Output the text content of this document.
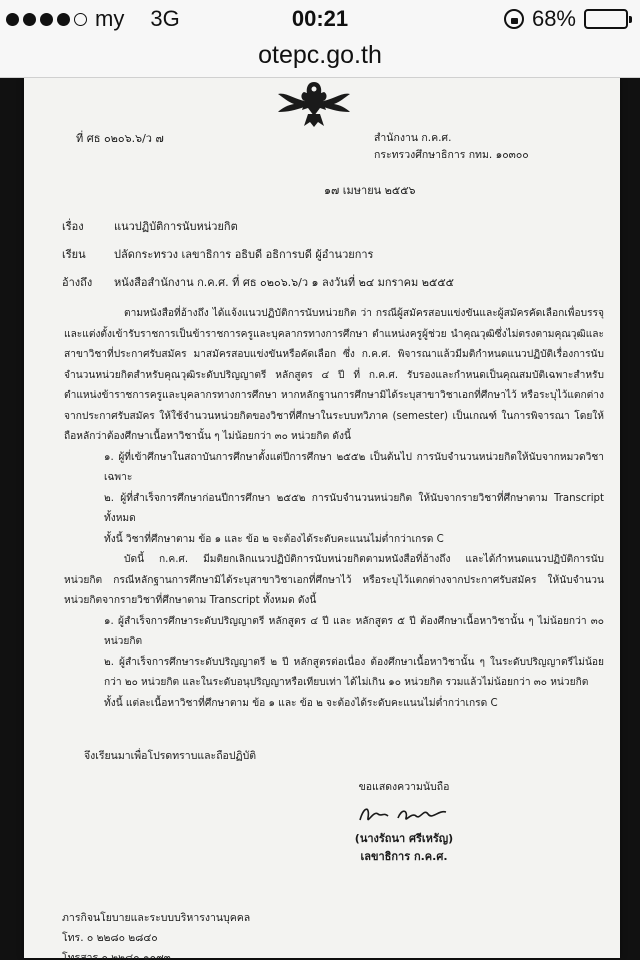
my 3G	00:21	68%
otepc.go.th
ที่ ศธ ๐๒๐๖.๖/ว ๗	สำนักงาน ก.ค.ศ.
กระทรวงศึกษาธิการ กทม. ๑๐๓๐๐
๑๗ เมษายน ๒๕๕๖
เรื่อง	แนวปฏิบัติการนับหน่วยกิต
เรียน	ปลัดกระทรวง เลขาธิการ อธิบดี อธิการบดี ผู้อำนวยการ
อ้างถึง	หนังสือสำนักงาน ก.ค.ศ. ที่ ศธ ๐๒๐๖.๖/ว ๑ ลงวันที่ ๒๔ มกราคม ๒๕๕๕

ตามหนังสือที่อ้างถึง ได้แจ้งแนวปฏิบัติการนับหน่วยกิต ว่า กรณีผู้สมัครสอบแข่งขันและผู้สมัครคัดเลือกเพื่อบรรจุและแต่งตั้งเข้ารับราชการเป็นข้าราชการครูและบุคลากรทางการศึกษา ตำแหน่งครูผู้ช่วย นำคุณวุฒิซึ่งไม่ตรงตามคุณวุฒิและสาขาวิชาที่ประกาศรับสมัคร มาสมัครสอบแข่งขันหรือคัดเลือก ซึ่ง ก.ค.ศ. พิจารณาแล้วมีมติกำหนดแนวปฏิบัติเรื่องการนับจำนวนหน่วยกิตสำหรับคุณวุฒิระดับปริญญาตรี หลักสูตร ๔ ปี ที่ ก.ค.ศ. รับรองและกำหนดเป็นคุณสมบัติเฉพาะสำหรับตำแหน่งข้าราชการครูและบุคลากรทางการศึกษา หากหลักฐานการศึกษามิได้ระบุสาขาวิชาเอกที่ศึกษาไว้ หรือระบุไว้แตกต่างจากประกาศรับสมัคร ให้ใช้จำนวนหน่วยกิตของวิชาที่ศึกษาในระบบทวิภาค (semester) เป็นเกณฑ์ ในการพิจารณา โดยให้ถือหลักว่าต้องศึกษาเนื้อหาวิชานั้น ๆ ไม่น้อยกว่า ๓๐ หน่วยกิต ดังนี้

๑. ผู้ที่เข้าศึกษาในสถาบันการศึกษาตั้งแต่ปีการศึกษา ๒๕๕๒ เป็นต้นไป การนับจำนวนหน่วยกิตให้นับจากหมวดวิชาเฉพาะ

๒. ผู้ที่สำเร็จการศึกษาก่อนปีการศึกษา ๒๕๕๒ การนับจำนวนหน่วยกิต ให้นับจากรายวิชาที่ศึกษาตาม Transcript ทั้งหมด

ทั้งนี้ วิชาที่ศึกษาตาม ข้อ ๑ และ ข้อ ๒ จะต้องได้ระดับคะแนนไม่ต่ำกว่าเกรด C

บัดนี้ ก.ค.ศ. มีมติยกเลิกแนวปฏิบัติการนับหน่วยกิตตามหนังสือที่อ้างถึง และได้กำหนดแนวปฏิบัติการนับหน่วยกิต กรณีหลักฐานการศึกษามิได้ระบุสาขาวิชาเอกที่ศึกษาไว้ หรือระบุไว้แตกต่างจากประกาศรับสมัคร ให้นับจำนวนหน่วยกิตจากรายวิชาที่ศึกษาตาม Transcript ทั้งหมด ดังนี้

๑. ผู้สำเร็จการศึกษาระดับปริญญาตรี หลักสูตร ๔ ปี และ หลักสูตร ๕ ปี ต้องศึกษาเนื้อหาวิชานั้น ๆ ไม่น้อยกว่า ๓๐ หน่วยกิต

๒. ผู้สำเร็จการศึกษาระดับปริญญาตรี ๒ ปี หลักสูตรต่อเนื่อง ต้องศึกษาเนื้อหาวิชานั้น ๆ ในระดับปริญญาตรีไม่น้อยกว่า ๒๐ หน่วยกิต และในระดับอนุปริญญาหรือเทียบเท่า ได้ไม่เกิน ๑๐ หน่วยกิต รวมแล้วไม่น้อยกว่า ๓๐ หน่วยกิต

ทั้งนี้ แต่ละเนื้อหาวิชาที่ศึกษาตาม ข้อ ๑ และ ข้อ ๒ จะต้องได้ระดับคะแนนไม่ต่ำกว่าเกรด C

จึงเรียนมาเพื่อโปรดทราบและถือปฏิบัติ
ขอแสดงความนับถือ
(นางรัถนา ศรีเหรัญ)
เลขาธิการ ก.ค.ศ.
ภารกิจนโยบายและระบบบริหารงานบุคคล
โทร. ๐ ๒๒๘๐ ๒๘๔๐
โทรสาร ๐ ๒๒๘๐ ๑๐๙๓
